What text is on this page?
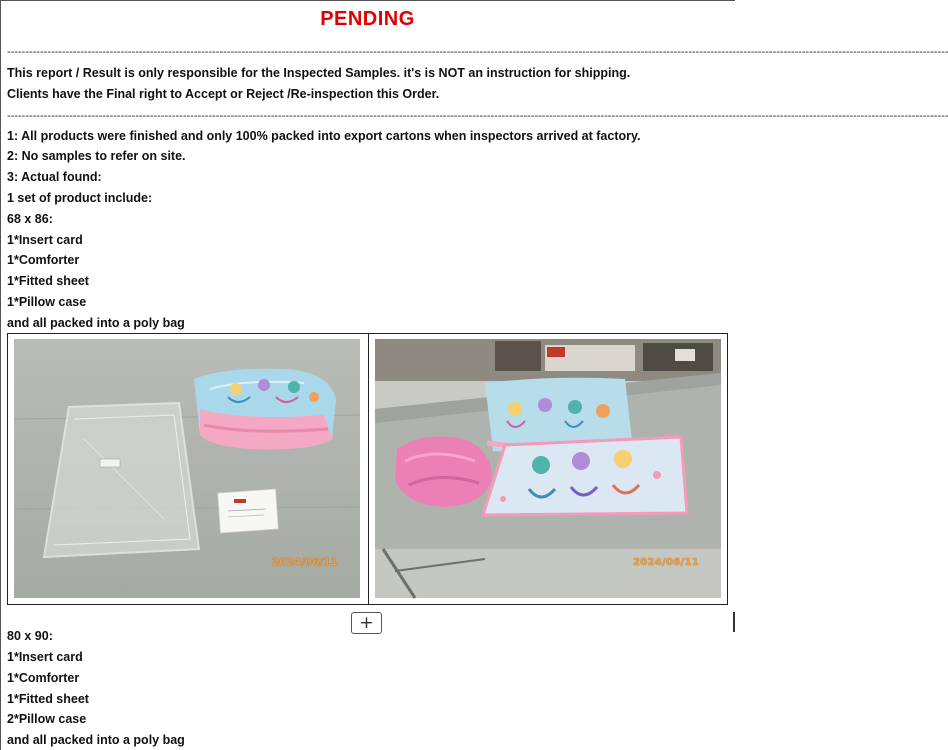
PENDING
-----------------------------------------------------------------------------------------------------------------------------------------------------------------------------------------------------------------------------------------------------------------
This report / Result is only responsible for the Inspected Samples. it's is NOT an instruction for shipping.
Clients have the Final right to Accept or Reject /Re-inspection this Order.
-----------------------------------------------------------------------------------------------------------------------------------------------------------------------------------------------------------------------------------------------------------------
1: All products were finished and only 100% packed into export cartons when inspectors arrived at factory.
2: No samples to refer on site.
3: Actual found:
1 set of product include:
68 x 86:
1*Insert card
1*Comforter
1*Fitted sheet
1*Pillow case
and all packed into a poly bag
2024/06/11	2024/06/11
+
80 x 90:
1*Insert card
1*Comforter
1*Fitted sheet
2*Pillow case
and all packed into a poly bag
